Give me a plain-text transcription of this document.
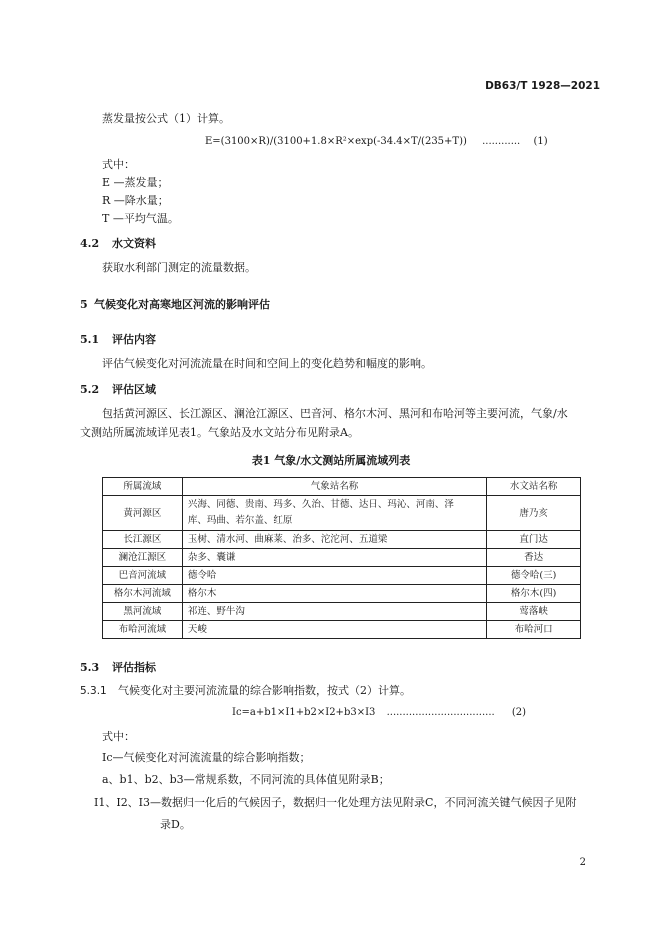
DB63/T 1928—2021
蒸发量按公式（1）计算。
E=(3100×R)/(3100+1.8×R²×exp(-34.4×T/(235+T)) ............ (1)
式中：
E —蒸发量；
R —降水量；
T —平均气温。
4.2 水文资料
获取水利部门测定的流量数据。
5 气候变化对高寒地区河流的影响评估
5.1 评估内容
评估气候变化对河流流量在时间和空间上的变化趋势和幅度的影响。
5.2 评估区域
包括黄河源区、长江源区、澜沧江源区、巴音河、格尔木河、黑河和布哈河等主要河流，气象/水
文测站所属流域详见表1。气象站及水文站分布见附录A。
表1 气象/水文测站所属流域列表
所属流域	气象站名称	水文站名称
黄河源区	兴海、同德、贵南、玛多、久治、甘德、达日、玛沁、河南、泽
库、玛曲、若尔盖、红原	唐乃亥
长江源区	玉树、清水河、曲麻莱、治多、沱沱河、五道梁	直门达
澜沧江源区	杂多、囊谦	香达
巴音河流域	德令哈	德令哈(三)
格尔木河流域	格尔木	格尔木(四)
黑河流域	祁连、野牛沟	莺落峡
布哈河流域	天峻	布哈河口
5.3 评估指标
5.3.1 气候变化对主要河流流量的综合影响指数，按式（2）计算。
Ic=a+b1×I1+b2×I2+b3×I3 .................................. (2)
式中：
Ic—气候变化对河流流量的综合影响指数；
a、b1、b2、b3—常规系数，不同河流的具体值见附录B；
I1、I2、I3—数据归一化后的气候因子，数据归一化处理方法见附录C，不同河流关键气候因子见附
录D。
2
